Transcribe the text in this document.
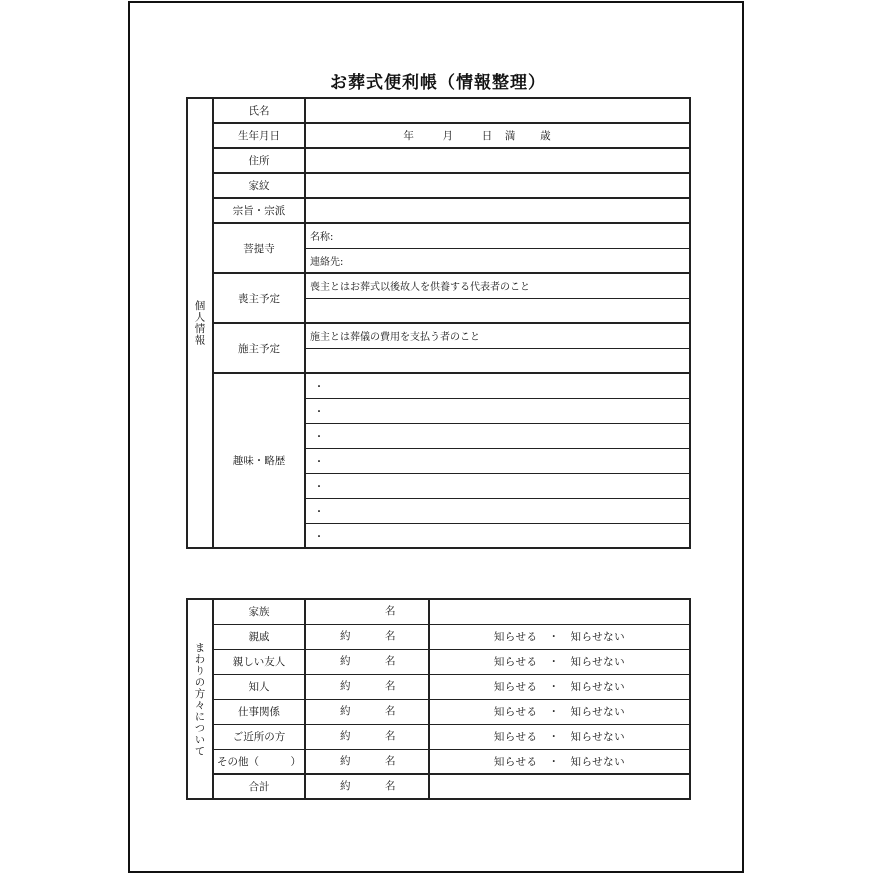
お葬式便利帳（情報整理）
個人情報	氏名	
	生年月日	年 月 日 満 歳
	住所	
	家紋	
	宗旨・宗派	
	菩提寺	名称:
		連絡先:
	喪主予定	喪主とはお葬式以後故人を供養する代表者のこと

	施主予定	施主とは葬儀の費用を支払う者のこと

	趣味・略歴	・
		・
		・
		・
		・
		・
		・
まわりの方々について	家族	名	

	親戚	約 名	知らせる　・　知らせない
	親しい友人	約 名	知らせる　・　知らせない
	知人	約 名	知らせる　・　知らせない
	仕事関係	約 名	知らせる　・　知らせない
	ご近所の方	約 名	知らせる　・　知らせない
	その他（　　　）	約 名	知らせる　・　知らせない
	合計	約 名	
